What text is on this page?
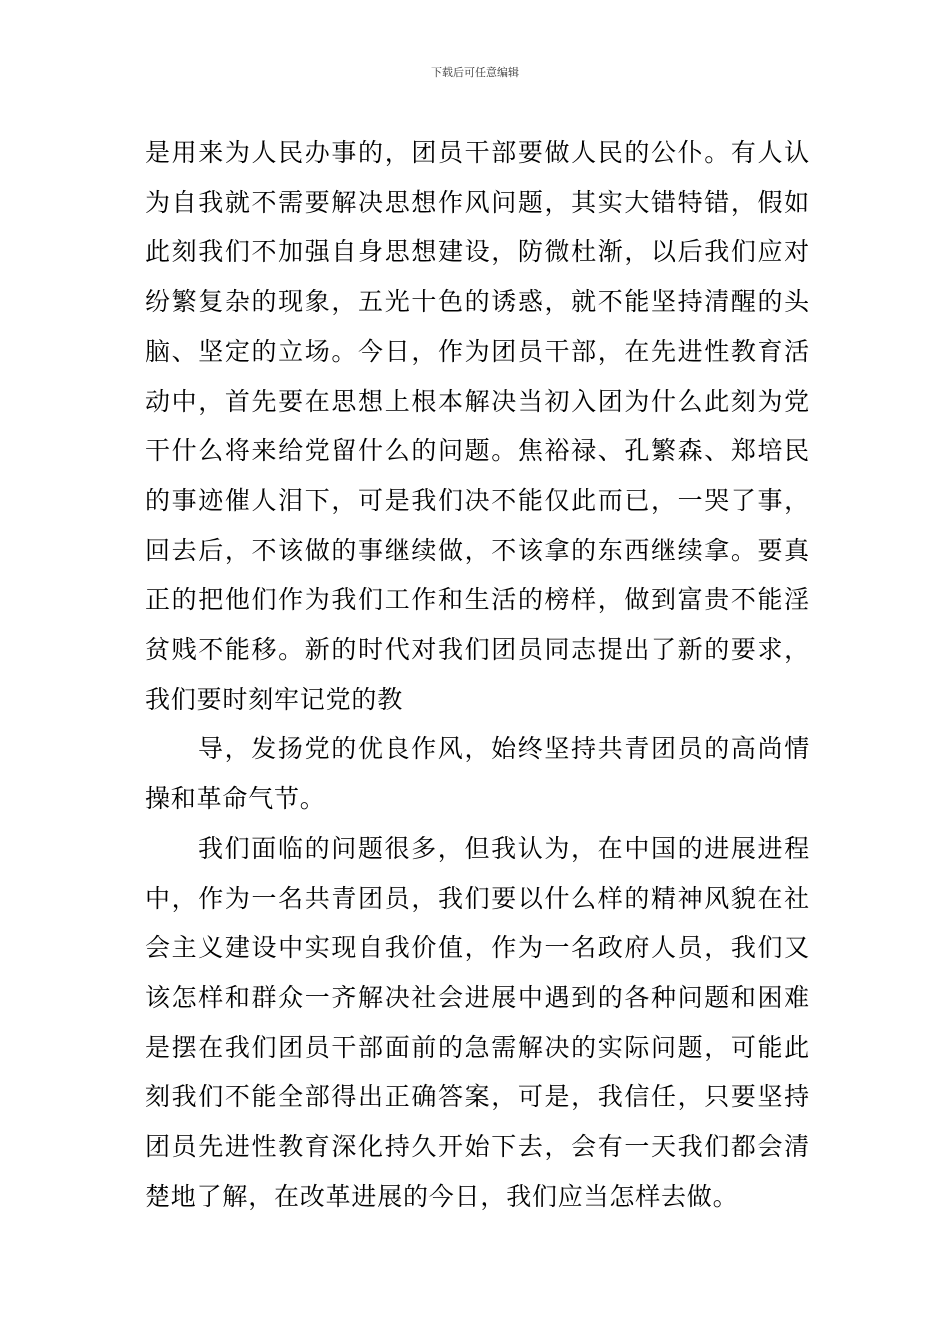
下载后可任意编辑

是用来为人民办事的，团员干部要做人民的公仆。有人认为自我就不需要解决思想作风问题，其实大错特错，假如此刻我们不加强自身思想建设，防微杜渐，以后我们应对纷繁复杂的现象，五光十色的诱惑，就不能坚持清醒的头脑、坚定的立场。今日，作为团员干部，在先进性教育活动中，首先要在思想上根本解决当初入团为什么此刻为党干什么将来给党留什么的问题。焦裕禄、孔繁森、郑培民的事迹催人泪下，可是我们决不能仅此而已，一哭了事，回去后，不该做的事继续做，不该拿的东西继续拿。要真正的把他们作为我们工作和生活的榜样，做到富贵不能淫贫贱不能移。新的时代对我们团员同志提出了新的要求，我们要时刻牢记党的教

导，发扬党的优良作风，始终坚持共青团员的高尚情操和革命气节。

我们面临的问题很多，但我认为，在中国的进展进程中，作为一名共青团员，我们要以什么样的精神风貌在社会主义建设中实现自我价值，作为一名政府人员，我们又该怎样和群众一齐解决社会进展中遇到的各种问题和困难是摆在我们团员干部面前的急需解决的实际问题，可能此刻我们不能全部得出正确答案，可是，我信任，只要坚持团员先进性教育深化持久开始下去，会有一天我们都会清楚地了解，在改革进展的今日，我们应当怎样去做。
